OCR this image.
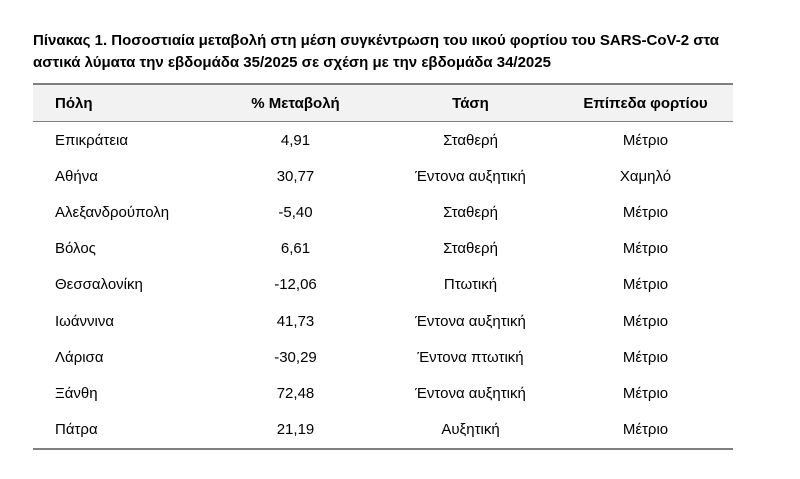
Πίνακας 1. Ποσοστιαία μεταβολή στη μέση συγκέντρωση του ιικού φορτίου του SARS-CoV-2 στα
αστικά λύματα την εβδομάδα 35/2025 σε σχέση με την εβδομάδα 34/2025
Πόλη	% Μεταβολή	Τάση	Επίπεδα φορτίου
Επικράτεια	4,91	Σταθερή	Μέτριο
Αθήνα	30,77	Έντονα αυξητική	Χαμηλό
Αλεξανδρούπολη	-5,40	Σταθερή	Μέτριο
Βόλος	6,61	Σταθερή	Μέτριο
Θεσσαλονίκη	-12,06	Πτωτική	Μέτριο
Ιωάννινα	41,73	Έντονα αυξητική	Μέτριο
Λάρισα	-30,29	Έντονα πτωτική	Μέτριο
Ξάνθη	72,48	Έντονα αυξητική	Μέτριο
Πάτρα	21,19	Αυξητική	Μέτριο
